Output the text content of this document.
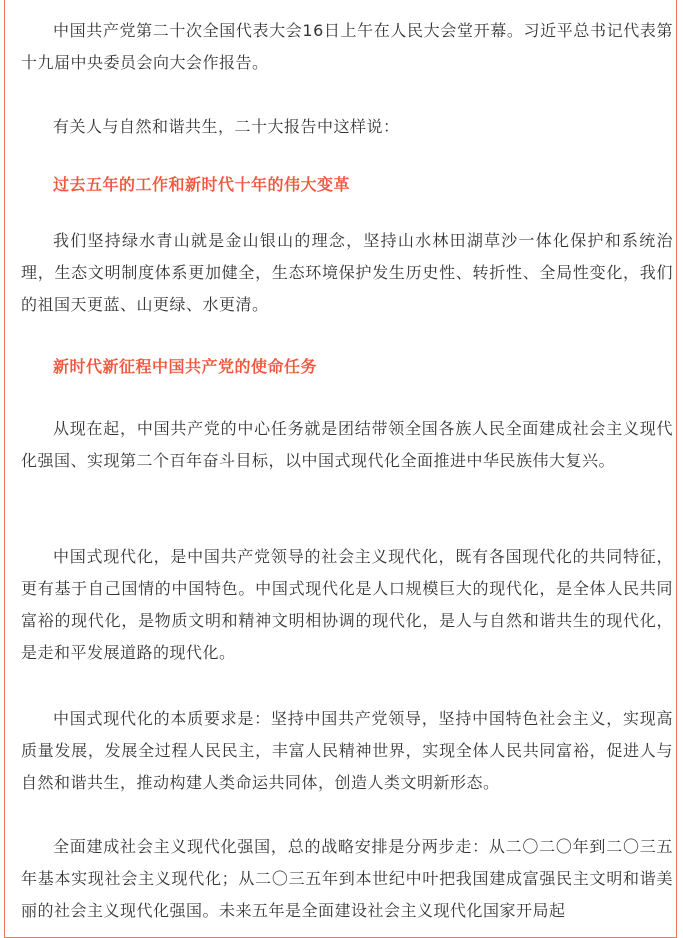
中国共产党第二十次全国代表大会16日上午在人民大会堂开幕。习近平总书记代表第十九届中央委员会向大会作报告。

有关人与自然和谐共生，二十大报告中这样说：

过去五年的工作和新时代十年的伟大变革

我们坚持绿水青山就是金山银山的理念，坚持山水林田湖草沙一体化保护和系统治理，生态文明制度体系更加健全，生态环境保护发生历史性、转折性、全局性变化，我们的祖国天更蓝、山更绿、水更清。

新时代新征程中国共产党的使命任务

从现在起，中国共产党的中心任务就是团结带领全国各族人民全面建成社会主义现代化强国、实现第二个百年奋斗目标，以中国式现代化全面推进中华民族伟大复兴。

中国式现代化，是中国共产党领导的社会主义现代化，既有各国现代化的共同特征，更有基于自己国情的中国特色。中国式现代化是人口规模巨大的现代化，是全体人民共同富裕的现代化，是物质文明和精神文明相协调的现代化，是人与自然和谐共生的现代化，是走和平发展道路的现代化。

中国式现代化的本质要求是：坚持中国共产党领导，坚持中国特色社会主义，实现高质量发展，发展全过程人民民主，丰富人民精神世界，实现全体人民共同富裕，促进人与自然和谐共生，推动构建人类命运共同体，创造人类文明新形态。

全面建成社会主义现代化强国，总的战略安排是分两步走：从二〇二〇年到二〇三五年基本实现社会主义现代化；从二〇三五年到本世纪中叶把我国建成富强民主文明和谐美丽的社会主义现代化强国。未来五年是全面建设社会主义现代化国家开局起
